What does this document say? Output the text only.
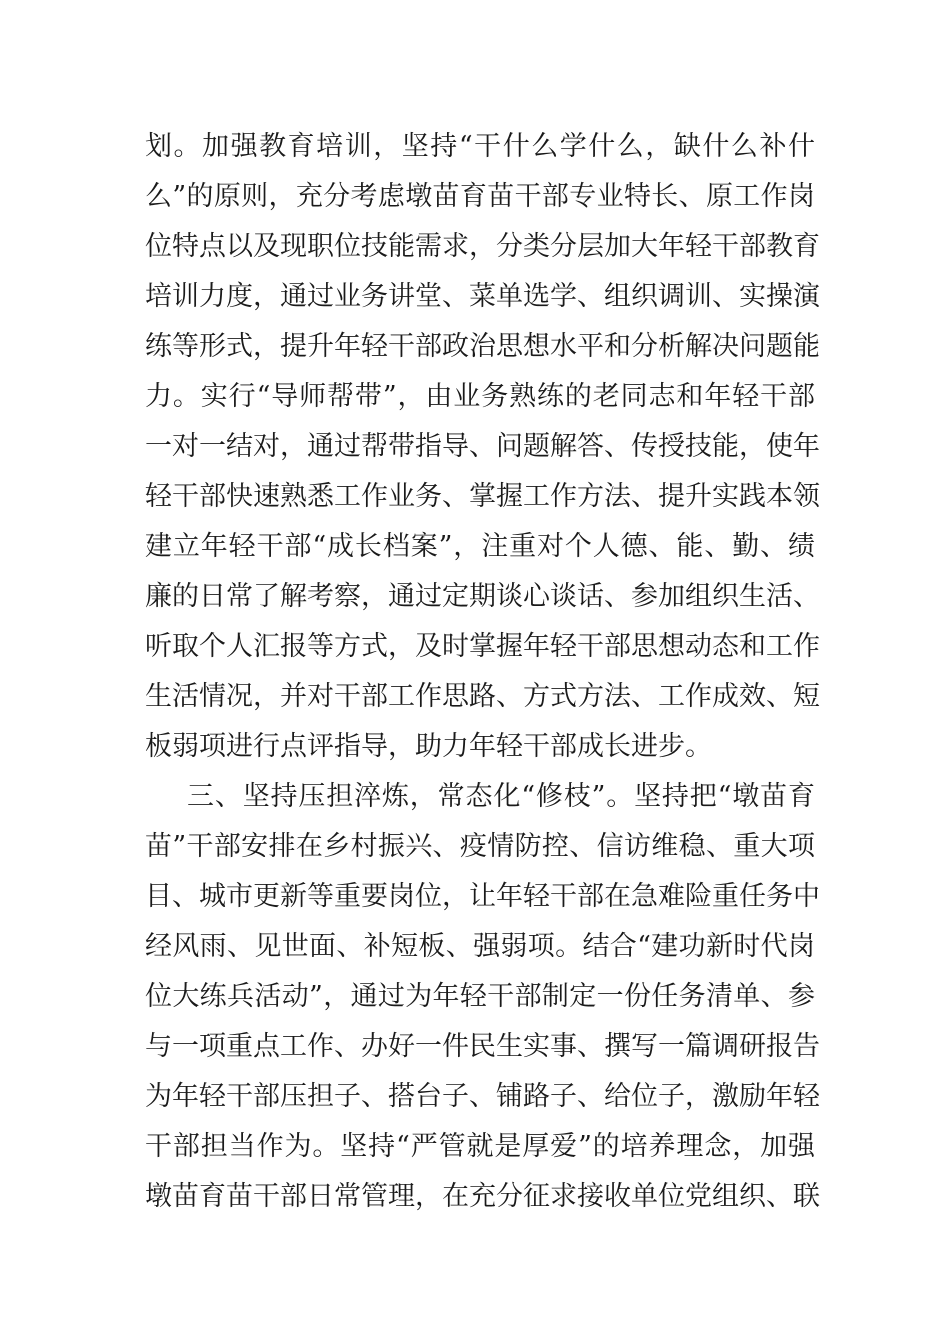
划。加强教育培训，坚持“干什么学什么，缺什么补什
么”的原则，充分考虑墩苗育苗干部专业特长、原工作岗
位特点以及现职位技能需求，分类分层加大年轻干部教育
培训力度，通过业务讲堂、菜单选学、组织调训、实操演
练等形式，提升年轻干部政治思想水平和分析解决问题能
力。实行“导师帮带”，由业务熟练的老同志和年轻干部
一对一结对，通过帮带指导、问题解答、传授技能，使年
轻干部快速熟悉工作业务、掌握工作方法、提升实践本领
建立年轻干部“成长档案”，注重对个人德、能、勤、绩
廉的日常了解考察，通过定期谈心谈话、参加组织生活、
听取个人汇报等方式，及时掌握年轻干部思想动态和工作
生活情况，并对干部工作思路、方式方法、工作成效、短
板弱项进行点评指导，助力年轻干部成长进步。
三、坚持压担淬炼，常态化“修枝”。坚持把“墩苗育
苗”干部安排在乡村振兴、疫情防控、信访维稳、重大项
目、城市更新等重要岗位，让年轻干部在急难险重任务中
经风雨、见世面、补短板、强弱项。结合“建功新时代岗
位大练兵活动”，通过为年轻干部制定一份任务清单、参
与一项重点工作、办好一件民生实事、撰写一篇调研报告
为年轻干部压担子、搭台子、铺路子、给位子，激励年轻
干部担当作为。坚持“严管就是厚爱”的培养理念，加强
墩苗育苗干部日常管理，在充分征求接收单位党组织、联
